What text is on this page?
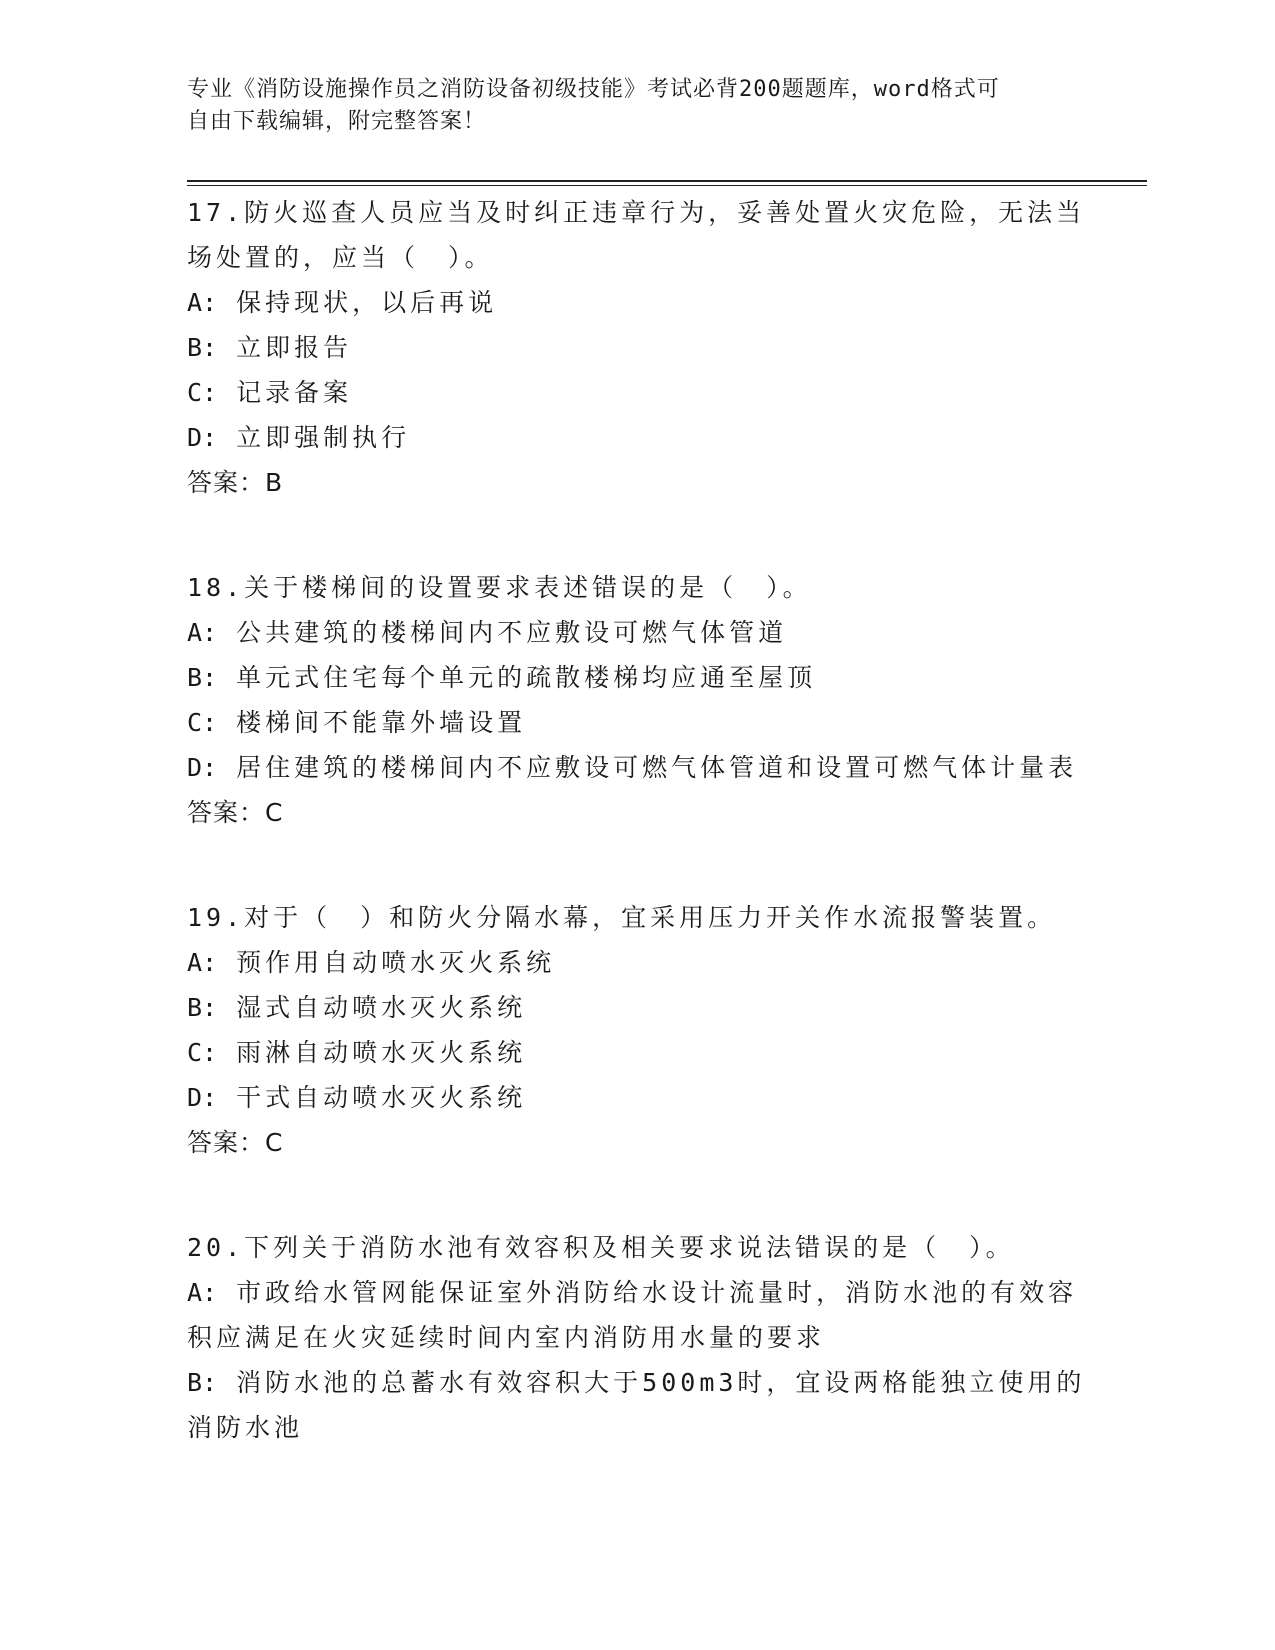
专业《消防设施操作员之消防设备初级技能》考试必背200题题库，word格式可
自由下载编辑，附完整答案！
17.防火巡查人员应当及时纠正违章行为，妥善处置火灾危险，无法当
场处置的，应当（　）。
A: 保持现状，以后再说
B: 立即报告
C: 记录备案
D: 立即强制执行
答案：B
18.关于楼梯间的设置要求表述错误的是（　）。
A: 公共建筑的楼梯间内不应敷设可燃气体管道
B: 单元式住宅每个单元的疏散楼梯均应通至屋顶
C: 楼梯间不能靠外墙设置
D: 居住建筑的楼梯间内不应敷设可燃气体管道和设置可燃气体计量表
答案：C
19.对于（　）和防火分隔水幕，宜采用压力开关作水流报警装置。
A: 预作用自动喷水灭火系统
B: 湿式自动喷水灭火系统
C: 雨淋自动喷水灭火系统
D: 干式自动喷水灭火系统
答案：C
20.下列关于消防水池有效容积及相关要求说法错误的是（　）。
A: 市政给水管网能保证室外消防给水设计流量时，消防水池的有效容
积应满足在火灾延续时间内室内消防用水量的要求
B: 消防水池的总蓄水有效容积大于500m3时，宜设两格能独立使用的
消防水池
